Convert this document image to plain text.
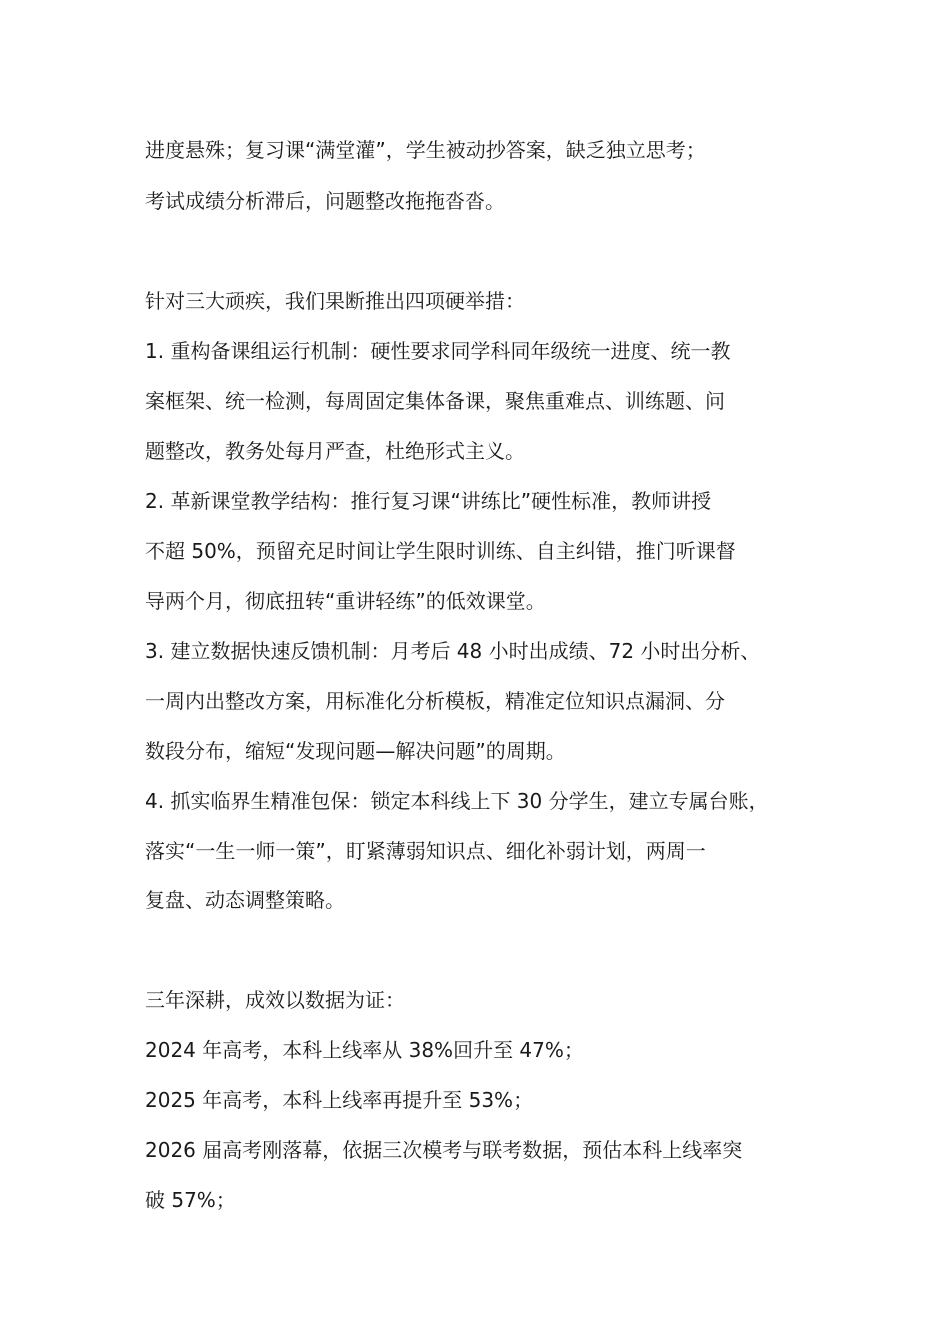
进度悬殊；复习课“满堂灌”，学生被动抄答案，缺乏独立思考；
考试成绩分析滞后，问题整改拖拖沓沓。
针对三大顽疾，我们果断推出四项硬举措：
1. 重构备课组运行机制：硬性要求同学科同年级统一进度、统一教
案框架、统一检测，每周固定集体备课，聚焦重难点、训练题、问
题整改，教务处每月严查，杜绝形式主义。
2. 革新课堂教学结构：推行复习课“讲练比”硬性标准，教师讲授
不超 50%，预留充足时间让学生限时训练、自主纠错，推门听课督
导两个月，彻底扭转“重讲轻练”的低效课堂。
3. 建立数据快速反馈机制：月考后 48 小时出成绩、72 小时出分析、
一周内出整改方案，用标准化分析模板，精准定位知识点漏洞、分
数段分布，缩短“发现问题—解决问题”的周期。
4. 抓实临界生精准包保：锁定本科线上下 30 分学生，建立专属台账，
落实“一生一师一策”，盯紧薄弱知识点、细化补弱计划，两周一
复盘、动态调整策略。
三年深耕，成效以数据为证：
2024 年高考，本科上线率从 38%回升至 47%；
2025 年高考，本科上线率再提升至 53%；
2026 届高考刚落幕，依据三次模考与联考数据，预估本科上线率突
破 57%；
